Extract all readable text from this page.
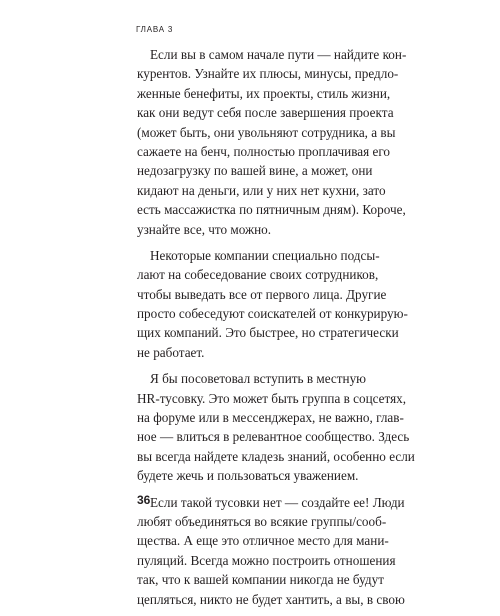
ГЛАВА 3
Если вы в самом начале пути — найдите кон-
курентов. Узнайте их плюсы, минусы, предло-
женные бенефиты, их проекты, стиль жизни,
как они ведут себя после завершения проекта
(может быть, они увольняют сотрудника, а вы
сажаете на бенч, полностью проплачивая его
недозагрузку по вашей вине, а может, они
кидают на деньги, или у них нет кухни, зато
есть массажистка по пятничным дням). Короче,
узнайте все, что можно.
Некоторые компании специально подсы-
лают на собеседование своих сотрудников,
чтобы выведать все от первого лица. Другие
просто собеседуют соискателей от конкурирую-
щих компаний. Это быстрее, но стратегически
не работает.
Я бы посоветовал вступить в местную
HR-тусовку. Это может быть группа в соцсетях,
на форуме или в мессенджерах, не важно, глав-
ное — влиться в релевантное сообщество. Здесь
вы всегда найдете кладезь знаний, особенно если
будете жечь и пользоваться уважением.
Если такой тусовки нет — создайте ее! Люди
любят объединяться во всякие группы/сооб-
щества. А еще это отличное место для мани-
пуляций. Всегда можно построить отношения
так, что к вашей компании никогда не будут
цепляться, никто не будет хантить, а вы, в свою
36
